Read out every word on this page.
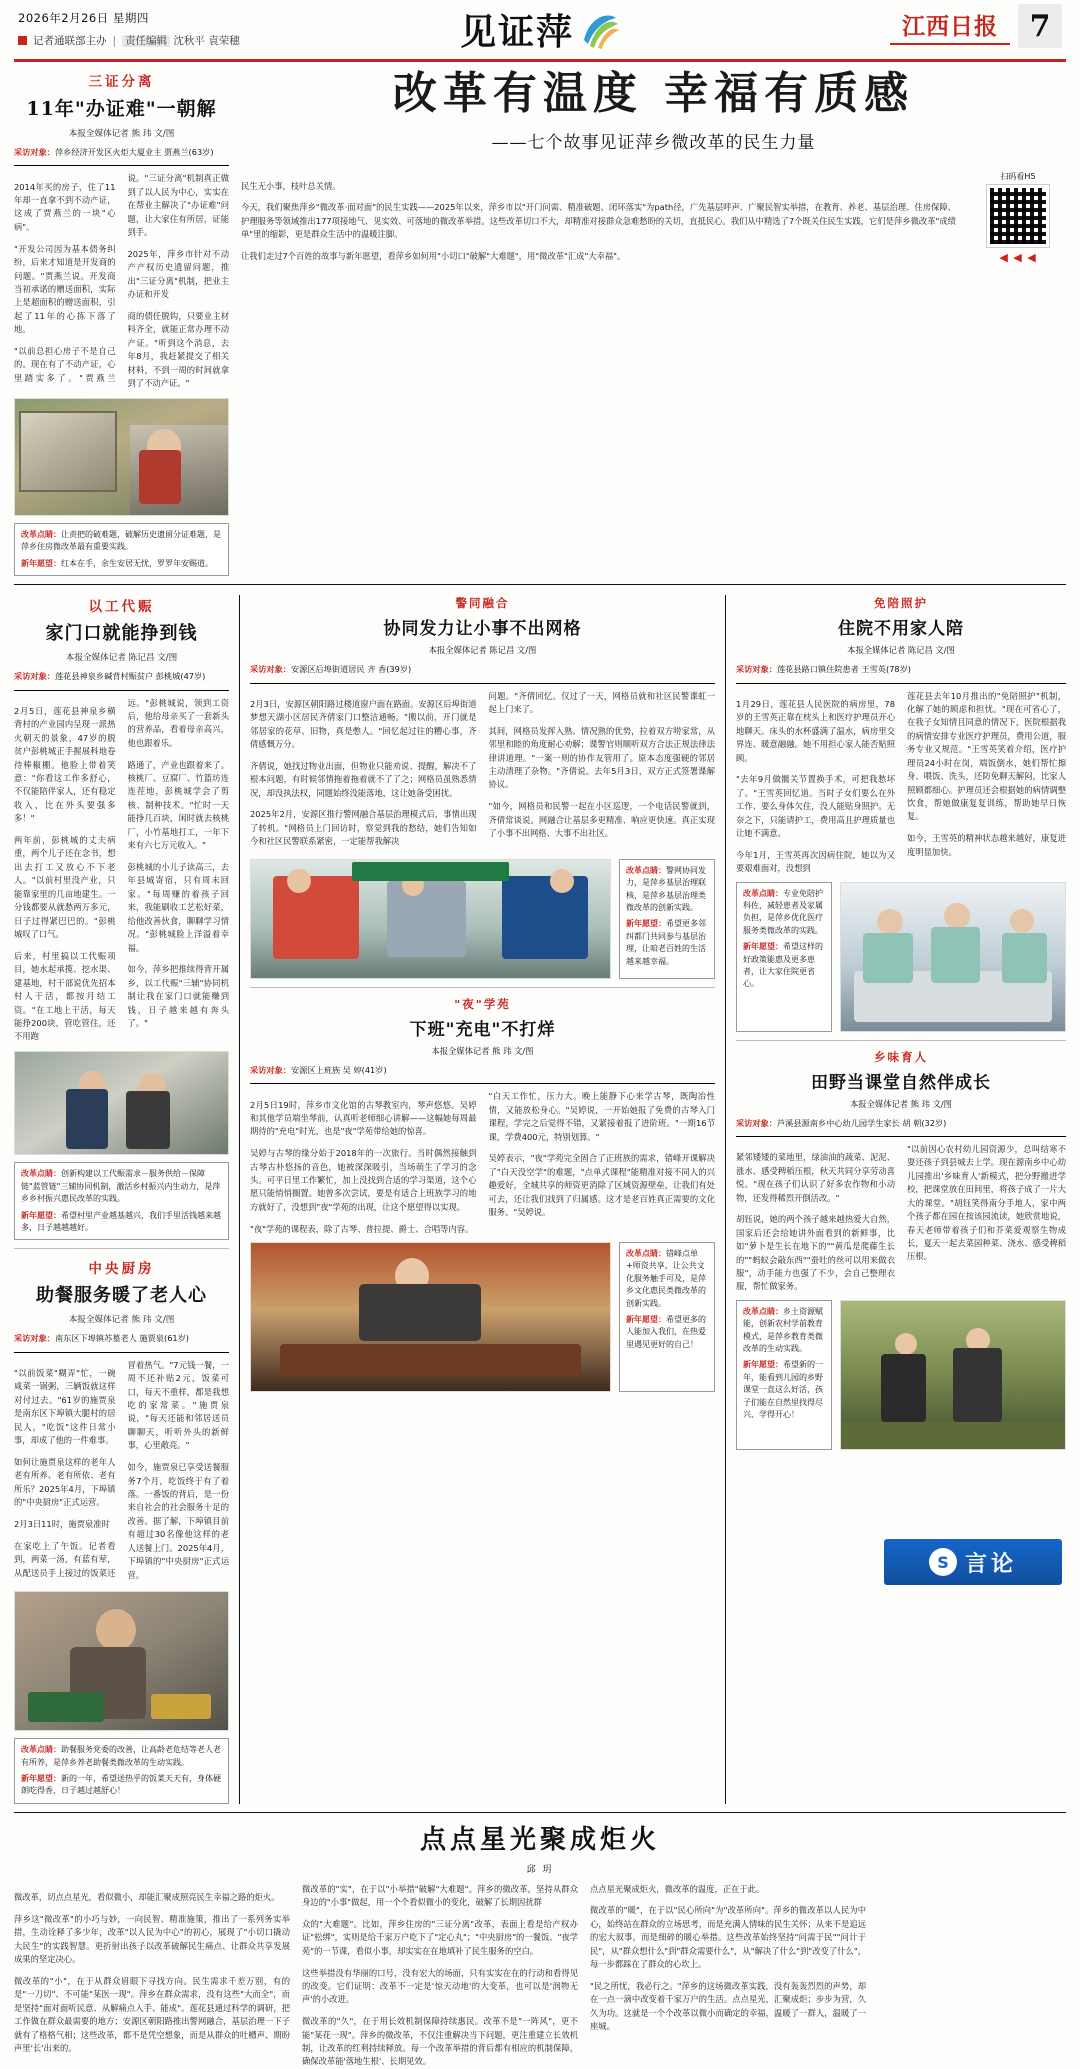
2026年2月26日 星期四
记者通联部主办 | 责任编辑 沈秋平 袁荣穗	见证萍	江西日报	7
三证分离
11年"办证难"一朝解
本报全媒体记者 熊 玮 文/图
采访对象：萍乡经济开发区火炬大厦业主 贾燕兰(63岁)

2014年买的房子，住了11年却一直拿不到不动产证，这成了贾燕兰的一块"心病"。

"开发公司因为基本债务纠纷，后来才知道是开发商的问题。"贾燕兰说。开发商当初承诺的赠送面积，实际上是超面积的赠送面积，引起了11年的心拣下落了地。

"以前总担心房子不是自己的。现在有了不动产证，心里踏实多了。"贾燕兰说。"三证分离"机制真正做到了以人民为中心，实实在在帮业主解决了"办证难"问题，让大家住有所居，证能到手。

2025年，萍乡市针对不动产产权历史遗留问题，推出"三证分离"机制，把业主办证和开发

商的债任脱钩，只要业主材料齐全，就能正常办理不动产证。"听到这个消息，去年8月，我赶紧提交了相关材料，不到一周的时间就拿到了不动产证。"

改革点睛：让责把的破难题，破解历史遗留分证难题，是萍乡住房微改革最有重要实践。
新年愿望：红本在手，余生安居无忧，罗罗年安赐道。
改革有温度 幸福有质感
——七个故事见证萍乡微改革的民生力量

民生无小事，枝叶总关情。

今天，我们聚焦萍乡"微改革·面对面"的民生实践——2025年以来，萍乡市以"开门问需、精准破题、闭环落实"为path径，广先基层呼声、广聚民智实举措，在教育、养老、基层治理、住房保障、护理服务等领域推出177项接地气、见实效、可落地的微改革举措。这些改革切口不大，却精准对接群众急难愁盼的关切，直抵民心。我们从中精选了7个既关住民生实践，它们是萍乡微改革"成绩单"里的缩影，更是群众生活中的温暖注脚。

让我们走过7个百姓的故事与新年愿望，看萍乡如何用"小切口"破解"大难题"，用"微改革"汇成"大幸福"。

扫码看H5
◀ ◀ ◀
以工代赈
家门口就能挣到钱
本报全媒体记者 陈记昌 文/图
采访对象：莲花县神泉乡碱背村赈贫户 彭桃城(47岁)

2月5日，莲花县神泉乡横背村的产业园内呈现一派热火朝天的景象，47岁的脱贫户彭桃城正手握展科地卷待棒椒棚。他脸上带着笑意："你看这工作多舒心，不仅能陪伴家人，还有稳定收入，比在外头要强多多！"

两年前，彭桃城的丈夫病重，两个儿子还在念书，想出去打工又放心不下老人。"以前村里没产业，只能靠家里的几亩地建生。一分钱都要从就愁两万多元，日子过得紧巴巴的。"彭桃城叹了口气。

后来，村里搞以工代赈项目，她水起承揽、挖水渠、建基地，村干部说优先招本村人干活，都按月结工资。"在工地上干活，每天能挣200块，管吃管住，还不用跑

远。"彭桃城说，领到工资后，他给母亲买了一套新头的营养品，看着母亲高兴，他也跟着乐。

路通了，产业也跟着来了。核桃厂、豆腐厂、竹篮坊连连茬地，彭桃城学会了剪核、制种技术。"忙时一天能挣几百块，闲时就去核桃厂，小竹基地打工，一年下来有六七万元收入。"

彭桃城的小儿子读高三，去年县城寄宿，只有周末回家。"每周赚的着孩子回来，我能刷收工艺松好菜，给他改善伙食，聊聊学习情况。"彭桃城脸上洋溢着幸福。

如今，萍乡把推续得背开属乡，以工代赈"三辅"协同机制让我在家门口就能赚到钱，日子越来越有奔头了。"

改革点睛：创新构建以工代赈需求－服务供给－保障链"蓝管链"三辅协同机制，激活乡村振兴内生动力，是萍乡乡村振兴惠民改革的实践。
新年愿望：希望村里产业越基越兴，我们手里活钱越来越多，日子越越越好。
中央厨房
助餐服务暖了老人心
本报全媒体记者 熊 玮 文/图
采访对象：南东区下埠镇苏墓老人 施贾泉(61岁)

"以前饭菜"糊弄"忙，一碗咸菜一锅粥，三辆饭就这样对付过去。"61岁的施贾泉是南东区下埠镇大腿村的居民人，"吃饭"这件日常小事，却成了他的一件难事。

如何让施贾泉这样的老年人老有所养、老有所依、老有所乐？2025年4月，下埠镇的"中央厨房"正式运营。

2月3日11时，施贾泉准时

在家吃上了午饭。记者看到，两菜一汤，有蓝有荤，从配送员手上接过的饭菜还冒着热气。"7元钱一餐，一周不还补贴2元，饭菜可口，每天不重样，都是我想吃的家常菜。"施贾泉说，"每天还能和邻居送员聊聊天，听听外头的新鲜事，心里敞亮。"

如今，施贾泉已享受送餐服务7个月，吃饭终于有了着落。一番饭的背后，是一份来自社会的社会服务十足的改善。据了解，下埠镇目前有超过30名像他这样的老人送餐上门。2025年4月，下埠镇的"中央厨房"正式运营。

改革点睛：助餐服务党委的改善，让高龄老危结等老人老有所养，是萍乡养老助餐类微改革的生动实践。
新年愿望：新的一年，希望送热乎的饭菜天天有，身体硬朗吃得香，日子越过越舒心！
警同融合
协同发力让小事不出网格
本报全媒体记者 陈记昌 文/图
采访对象：安源区后埠街道居民 齐 香(39岁)

2月3日，安源区朝阳路过楼道窗户面在路面。安源区后埠街道梦想天湖小区居民齐倩家门口整洁通畅。"搬以前，开门就是邻居家的花草、旧物，真是憋人。"回忆起过往的糟心事，齐倩感慨万分。

齐倩说，她找过物业出面，但物业只能劝说、提醒，解决不了根本问题，有时候邻情拖着拖着就不了了之；网格员虽熟悉情况，却没执法权，同题始终没能落地，这让她备受困扰。

2025年2月，安源区推行警网融合基层治理模式后，事情出现了转机。"网格员上门回访时，察觉到我的愁结，她们告知如今和社区民警联系紧密，一定能帮我解决

问题。"齐倩回忆。仅过了一天，网格员就和社区民警谍虹一起上门来了。

其间，网格员发挥入熟、情况熟的优势，拉着双方唠家常，从邻里和睦的角度耐心劝解；谍警官则顺听双方合法正规法律法律讲道理。"一案一则的协作友管用了。原本态度强硬的邻居主动清理了杂物。"齐倩说。去年5月3日，双方正式签署谍解协议。

"如今，网格员和民警一起在小区巡逻，一个电话民警就到，齐倩常谈说。网融合让基层多更精准、响应更快速。真正实现了小事不出网格、大事不出社区。

改革点睛：警网协同发力，是萍乡基层治理联核，是萍乡基层治理类微改革的创新实践。
新年愿望：希望更多邻纠都门共同参与基层治理，让咱老百姓的生活越来越幸福。
"夜"学苑
下班"充电"不打烊
本报全媒体记者 熊 玮 文/图
采访对象：安源区上班族 吴 婷(41岁)

2月5日19时，萍乡市文化馆的古琴教室内，琴声悠悠。吴婷和其他学员端坐琴前，认真听老师细心讲解——这幅她每周最期待的"充电"时光，也是"夜"学苑带给她的惊喜。

吴婷与古琴的缘分始于2018年的一次旅行。当时偶然接触到古琴古朴悠扬的音色，她被深深吸引，当场萌生了学习的念头。可平日里工作繁忙，加上没找到合适的学习渠道，这个心愿只能悄悄搁置。她曾多次尝试，要是有适合上班族学习的地方就好了，没想到"夜"学苑的出现，让这个愿望得以实现。

"夜"学苑的课程表，除了古琴、普拉提、爵士、合唱等内容。

"白天工作忙，压力大。晚上能静下心来学古琴，既陶冶性情，又能放松身心。"吴婷说，一开始她报了免费的古琴入门课程，学完之后觉得不错，又紧接着报了进阶班。"一期16节课，学费400元，特别划算。"

吴婷表示，"夜"学苑完全固合了正班族的需求，错峰开课解决了"白天没空学"的难题，"点单式课程"能精准对接不同人的兴趣爱好，全城共享的师资更消除了区域资源壁垒，让我们有处可去，还让我们找到了归属感。这才是老百姓真正需要的文化服务。"吴婷说。

改革点睛：错峰点单+师资共享，让公共文化服务触手可及，是萍乡文化惠民类微改革的创新实践。
新年愿望：希望更多的人能加入我们，在热爱里遇见更好的自己！
免陪照护
住院不用家人陪
本报全媒体记者 陈记昌 文/图
采访对象：莲花县路口镇住院患者 王雪英(78岁)

1月29日，莲花县人民医院的病房里，78岁的王雪英正靠在枕头上和医疗护理员开心地聊天。床头的水杯盛满了温水，病房里交界连、暖意融融。她不用担心家人能否贴照顾。

"去年9月做髋关节置换手术，可把我愁坏了。"王雪英回忆道。当时子女们要么在外工作、要么身体欠住，没人能贴身照护。无奈之下，只能请护工，费用高且护理质量也让她不满意。

今年1月，王雪英再次因病住院，她以为又要艰难面对，没想到

莲花县去年10月推出的"免陪照护"机制，化解了她的顾虑和担忧。"现在可省心了，在我子女知情且同意的情况下，医院根据我的病情安排专业医疗护理员，费用公道，服务专业又规范。"王雪英笑着介绍，医疗护理员24小时在岗，端饭倒水，她们帮忙擦身、喂饭、洗头，还防免聊天解闷，比家人照顾都细心。护理员还会根据她的病情调整饮食，帮她做康复复训练，帮助她早日恢复。

如今，王雪英的精神状态越来越好，康复进度明显加快。

改革点睛：专业免陪护科佐，减轻患者及家属负担，是萍乡优化医疗服务类微改革的实践。
新年愿望：希望这样的好政策能惠及更多患者，让大家住院更省心。
乡味育人
田野当课堂自然伴成长
本报全媒体记者 熊 玮 文/图
采访对象：芦溪县源南乡中心幼儿园学生家长 胡 朝(32岁)

紧邻矮矮的菜地里，绿油油的蔬菜、泥泥、涨水、感受稗稻压根，秋天共同分享劳动喜悦。"现在孩子们认识了好多农作物和小动物，还发得稀烈开倒活改。"

胡钰说，她的两个孩子越来越热爱大自然，国家后还会给她讲外面看到的新鲜事，比如"萝卜是生长在地下的""黄瓜是爬藤生长的""蚂蚁会敲东西""蚕吐的丝可以用来做衣服"，动手能力也强了不少，会自己整理衣服，帮忙做家务。

"以前因心农村幼儿园资源少，总叫结寒不耍还孩子到县城去上学。现在源南乡中心幼儿园推出'乡味育人'新模式，把分野搬进学校，把课堂放在田间里，将孩子成了一片大大的课堂。"胡钰笑得南分手地人，家中两个孩子都在园在按该园流读，她欣赏地说，春天老师带着孩子们和芥菜爱观察生物成长，夏天一起去菜园种菜、浇水、感受稗稻压根。

改革点睛：乡土资源赋能，创新农村学前教育模式，是萍乡教育类微改革的生动实践。
新年愿望：希望新的一年，能看到儿园的乡野课堂一直这么好活，孩子们能在自然里找得尽兴、学得开心！
点点星光聚成炬火
邱 玥

微改革，切点点星光，看似微小，却能汇聚成照亮民生幸福之路的炬火。

萍乡这"微改革"的小巧与妙，一向民智、精准施策，推出了一系列务实举措，生动诠释了多少年，改革"以人民为中心"的初心，展现了"小切口撬动大民生"的实践智慧。更折射出孩子以改革破解民生痛点、让群众共享发展成果的坚定决心。

微改革的"小"，在于从群众眉眼下寻找方向。民生需求千差万别，有的是"一刀切"、不可能"某医一现"。萍乡在群众需求，没有这些"大而全"，而是坚持"面对面听民意、从解痛点入手、能成"。莲花县通过科学的调研，把工作做在群众最需要的地方；安源区朝阳路推出警网融合，基层治理一下子就有了格格气相；这些改革，都不是凭空想象，而是从群众的吐槽声、期盼声里'长'出来的。

微改革的"实"，在于以"小举措"破解"大难题"。萍乡的微改革，坚持从群众身边的"小事"做起，用一个个看似微小的变化，破解了长期因扰群

众的"大难题"。比如，萍乡住房的"三证分离"改革，表面上看是给产权办证"松绑"，实则是给千家万户吃下了"定心丸"；"中央厨房"的一餐饭、"夜学苑"的一节课，看似小事，却实实在在地填补了民生服务的空白。

这些举措没有华丽的口号，没有宏大的场面，只有实实在在的行动和看得见的改变。它们证明：改革不一定是'惊天动地'的大变革，也可以是'润物无声'的小改进。

微改革的"久"，在于用长效机制保障持续惠民。改革不是"一阵风"，更不能"某花一现"。萍乡的微改革，不仅注重解决当下问题，更注重建立长效机制，让改革的红利持续释放。每一个改革举措的背后都有相应的机制保障，确保改革能'落地生根'、长期见效。

点点星光聚成炬火，微改革的温度，正在于此。

微改革的"暖"，在于以"民心所向"为"改革所向"。萍乡的微改革以人民为中心，始终站在群众的立场思考，而是充满人情味的民生关怀；从来不是追远的宏大叙事，而是细碎的暖心举措。这些改革始终坚持"问需于民""问计于民"，从"群众想什么"到"群众需要什么"，从"解决了什么"到"改变了什么"，每一步都踩在了群众的心坎上。

"民之所忧，我必行之。"萍乡的这场微改革实践，没有轰轰烈烈的声势，却在一点一滴中改变着千家万户的生活。点点星光，汇聚成炬；步步为营，久久为功。这就是一个个改革以微小而确定的幸福，温暖了一群人，温暖了一座城。

S 言论
